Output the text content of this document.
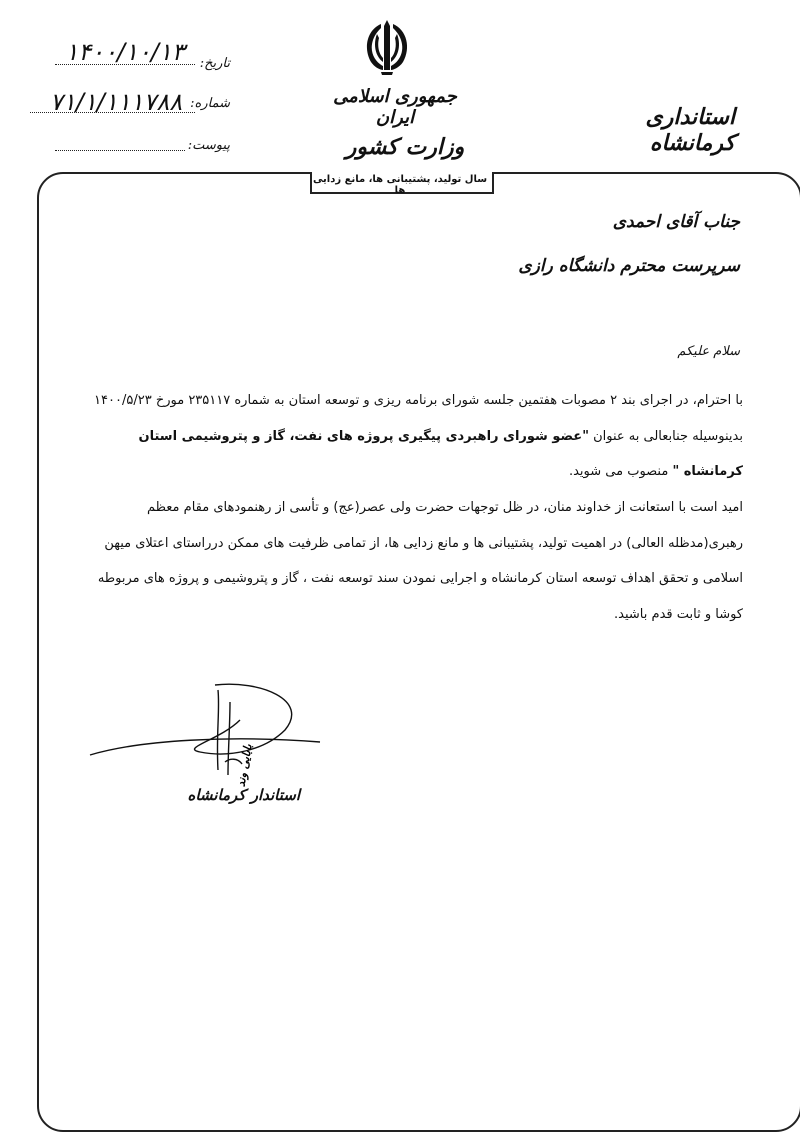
۱۴۰۰/۱۰/۱۳	تاریخ:
۷۱/۱/۱۱۱۷۸۸ شماره:
پیوست:
جمهوری اسلامی ایران
وزارت کشور
استانداری کرمانشاه
سال تولید، پشتیبانی ها، مانع زدایی ها
جناب آقای احمدی
سرپرست محترم دانشگاه رازی
سلام علیکم
با احترام، در اجرای بند ۲ مصوبات هفتمین جلسه شورای برنامه ریزی و توسعه استان به شماره ۲۳۵۱۱۷ مورخ ۱۴۰۰/۵/۲۳ بدینوسیله جنابعالی به عنوان "عضو شورای راهبردی پیگیری پروژه های نفت، گاز و پتروشیمی استان کرمانشاه " منصوب می شوید.
امید است با استعانت از خداوند منان، در ظل توجهات حضرت ولی عصر(عج) و تأسی از رهنمودهای مقام معظم رهبری(مدظله العالی) در اهمیت تولید، پشتیبانی ها و مانع زدایی ها، از تمامی ظرفیت های ممکن درراستای اعتلای میهن اسلامی و تحقق اهداف توسعه استان کرمانشاه و اجرایی نمودن سند توسعه نفت ، گاز و پتروشیمی و پروژه های مربوطه کوشا و ثابت قدم باشید.
بابایی وند
استاندار کرمانشاه
